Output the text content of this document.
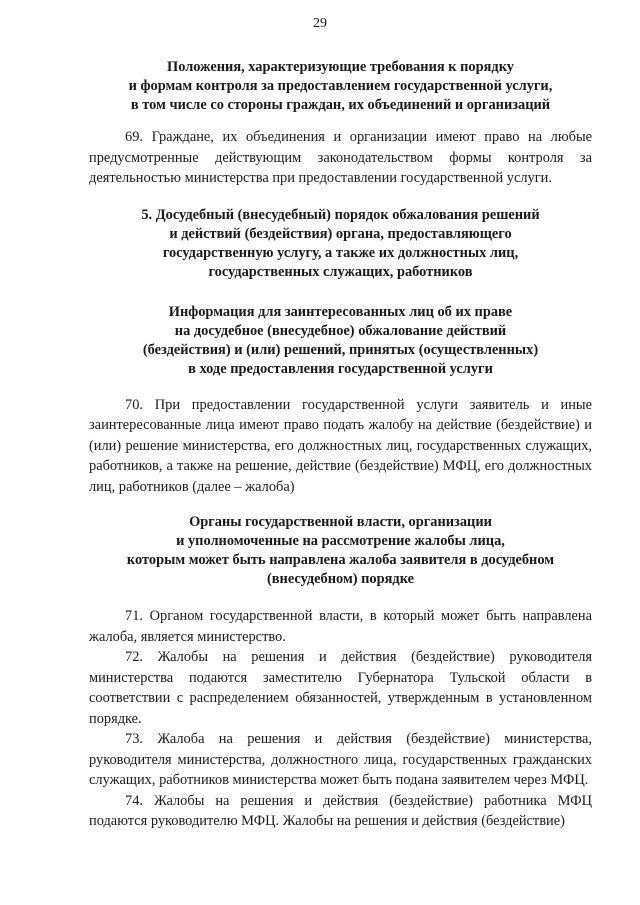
29
Положения, характеризующие требования к порядку
и формам контроля за предоставлением государственной услуги,
в том числе со стороны граждан, их объединений и организаций

69. Граждане, их объединения и организации имеют право на любые предусмотренные действующим законодательством формы контроля за деятельностью министерства при предоставлении государственной услуги.

5. Досудебный (внесудебный) порядок обжалования решений
и действий (бездействия) органа, предоставляющего
государственную услугу, а также их должностных лиц,
государственных служащих, работников
Информация для заинтересованных лиц об их праве
на досудебное (внесудебное) обжалование действий
(бездействия) и (или) решений, принятых (осуществленных)
в ходе предоставления государственной услуги

70. При предоставлении государственной услуги заявитель и иные заинтересованные лица имеют право подать жалобу на действие (бездействие) и (или) решение министерства, его должностных лиц, государственных служащих, работников, а также на решение, действие (бездействие) МФЦ, его должностных лиц, работников (далее – жалоба)

Органы государственной власти, организации
и уполномоченные на рассмотрение жалобы лица,
которым может быть направлена жалоба заявителя в досудебном
(внесудебном) порядке

71. Органом государственной власти, в который может быть направлена жалоба, является министерство.

72. Жалобы на решения и действия (бездействие) руководителя министерства подаются заместителю Губернатора Тульской области в соответствии с распределением обязанностей, утвержденным в установленном порядке.

73. Жалоба на решения и действия (бездействие) министерства, руководителя министерства, должностного лица, государственных гражданских служащих, работников министерства может быть подана заявителем через МФЦ.

74. Жалобы на решения и действия (бездействие) работника МФЦ подаются руководителю МФЦ. Жалобы на решения и действия (бездействие)
